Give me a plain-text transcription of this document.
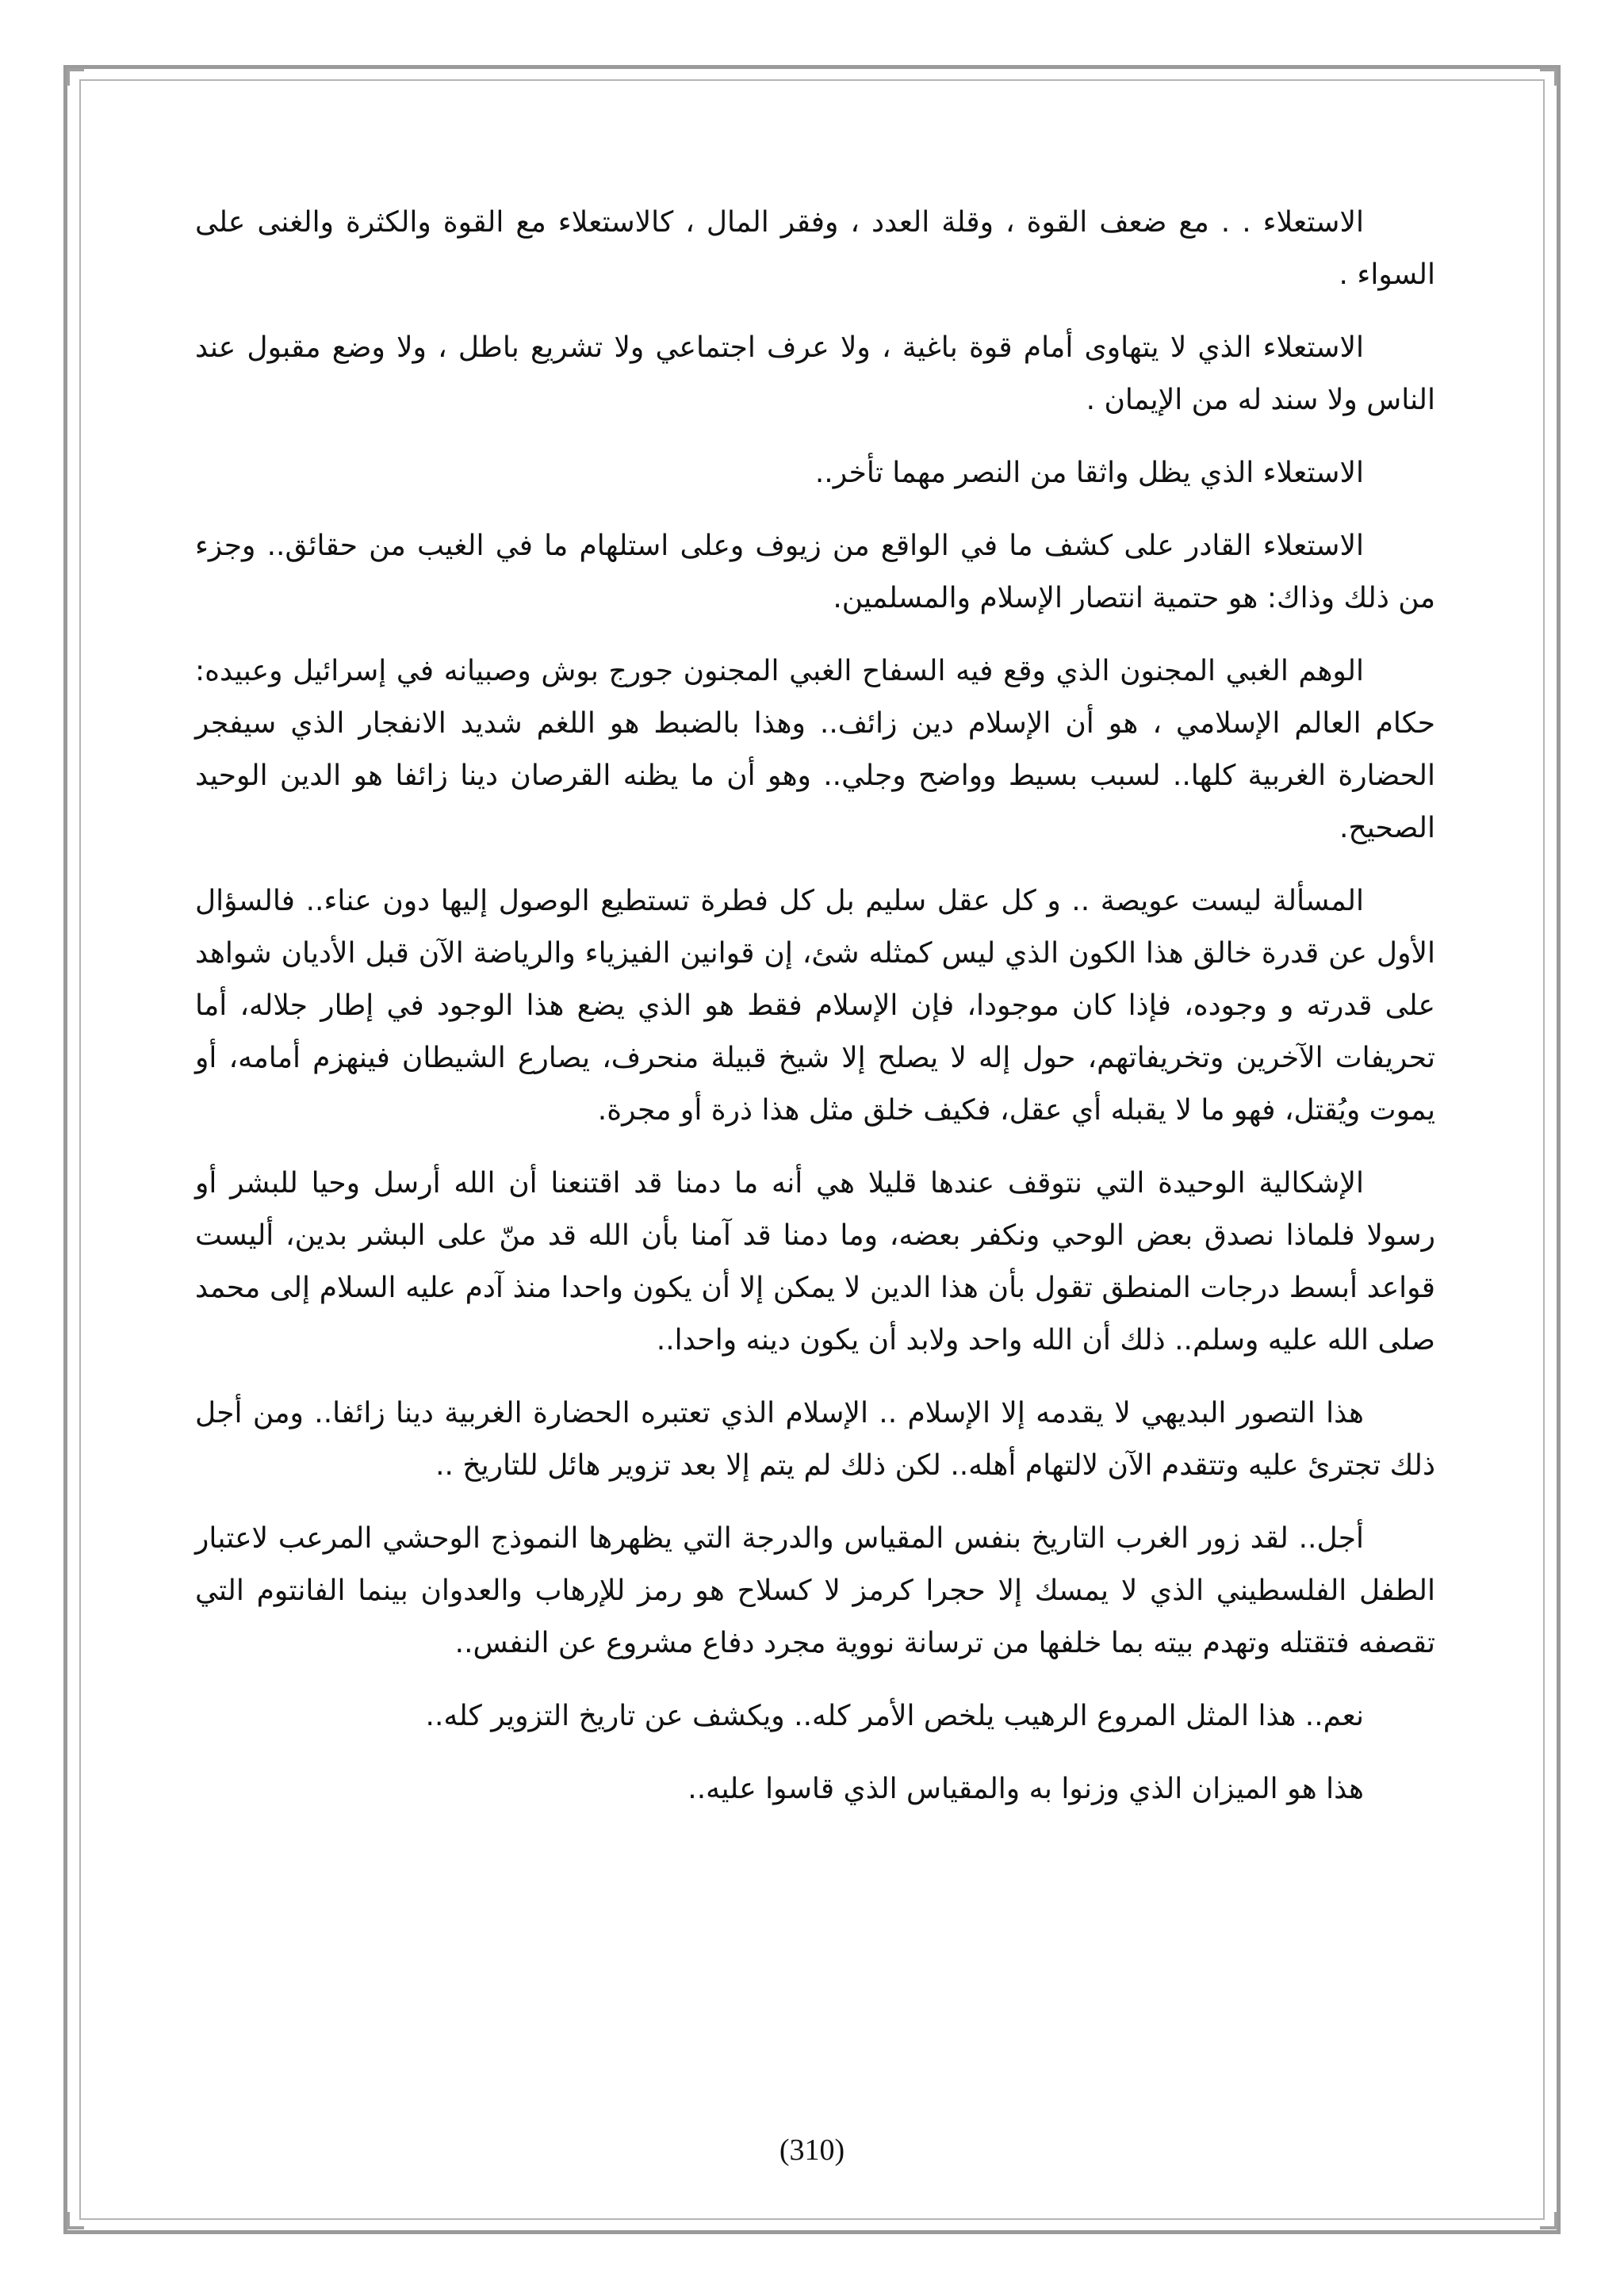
الاستعلاء . . مع ضعف القوة ، وقلة العدد ، وفقر المال ، كالاستعلاء مع القوة والكثرة والغنى على السواء .

الاستعلاء الذي لا يتهاوى أمام قوة باغية ، ولا عرف اجتماعي ولا تشريع باطل ، ولا وضع مقبول عند الناس ولا سند له من الإيمان .

الاستعلاء الذي يظل واثقا من النصر مهما تأخر..

الاستعلاء القادر على كشف ما في الواقع من زيوف وعلى استلهام ما في الغيب من حقائق.. وجزء من ذلك وذاك: هو حتمية انتصار الإسلام والمسلمين.

الوهم الغبي المجنون الذي وقع فيه السفاح الغبي المجنون جورج بوش وصبيانه في إسرائيل وعبيده: حكام العالم الإسلامي ، هو أن الإسلام دين زائف.. وهذا بالضبط هو اللغم شديد الانفجار الذي سيفجر الحضارة الغربية كلها.. لسبب بسيط وواضح وجلي.. وهو أن ما يظنه القرصان دينا زائفا هو الدين الوحيد الصحيح.

المسألة ليست عويصة .. و كل عقل سليم بل كل فطرة تستطيع الوصول إليها دون عناء.. فالسؤال الأول عن قدرة خالق هذا الكون الذي ليس كمثله شئ، إن قوانين الفيزياء والرياضة الآن قبل الأديان شواهد على قدرته و وجوده، فإذا كان موجودا، فإن الإسلام فقط هو الذي يضع هذا الوجود في إطار جلاله، أما تحريفات الآخرين وتخريفاتهم، حول إله لا يصلح إلا شيخ قبيلة منحرف، يصارع الشيطان فينهزم أمامه، أو يموت ويُقتل، فهو ما لا يقبله أي عقل، فكيف خلق مثل هذا ذرة أو مجرة.

الإشكالية الوحيدة التي نتوقف عندها قليلا هي أنه ما دمنا قد اقتنعنا أن الله أرسل وحيا للبشر أو رسولا فلماذا نصدق بعض الوحي ونكفر بعضه، وما دمنا قد آمنا بأن الله قد منّ على البشر بدين، أليست قواعد أبسط درجات المنطق تقول بأن هذا الدين لا يمكن إلا أن يكون واحدا منذ آدم عليه السلام إلى محمد صلى الله عليه وسلم.. ذلك أن الله واحد ولابد أن يكون دينه واحدا..

هذا التصور البديهي لا يقدمه إلا الإسلام .. الإسلام الذي تعتبره الحضارة الغربية دينا زائفا.. ومن أجل ذلك تجترئ عليه وتتقدم الآن لالتهام أهله.. لكن ذلك لم يتم إلا بعد تزوير هائل للتاريخ ..

أجل.. لقد زور الغرب التاريخ بنفس المقياس والدرجة التي يظهرها النموذج الوحشي المرعب لاعتبار الطفل الفلسطيني الذي لا يمسك إلا حجرا كرمز لا كسلاح هو رمز للإرهاب والعدوان بينما الفانتوم التي تقصفه فتقتله وتهدم بيته بما خلفها من ترسانة نووية مجرد دفاع مشروع عن النفس..

نعم.. هذا المثل المروع الرهيب يلخص الأمر كله.. ويكشف عن تاريخ التزوير كله..

هذا هو الميزان الذي وزنوا به والمقياس الذي قاسوا عليه..

(310)
